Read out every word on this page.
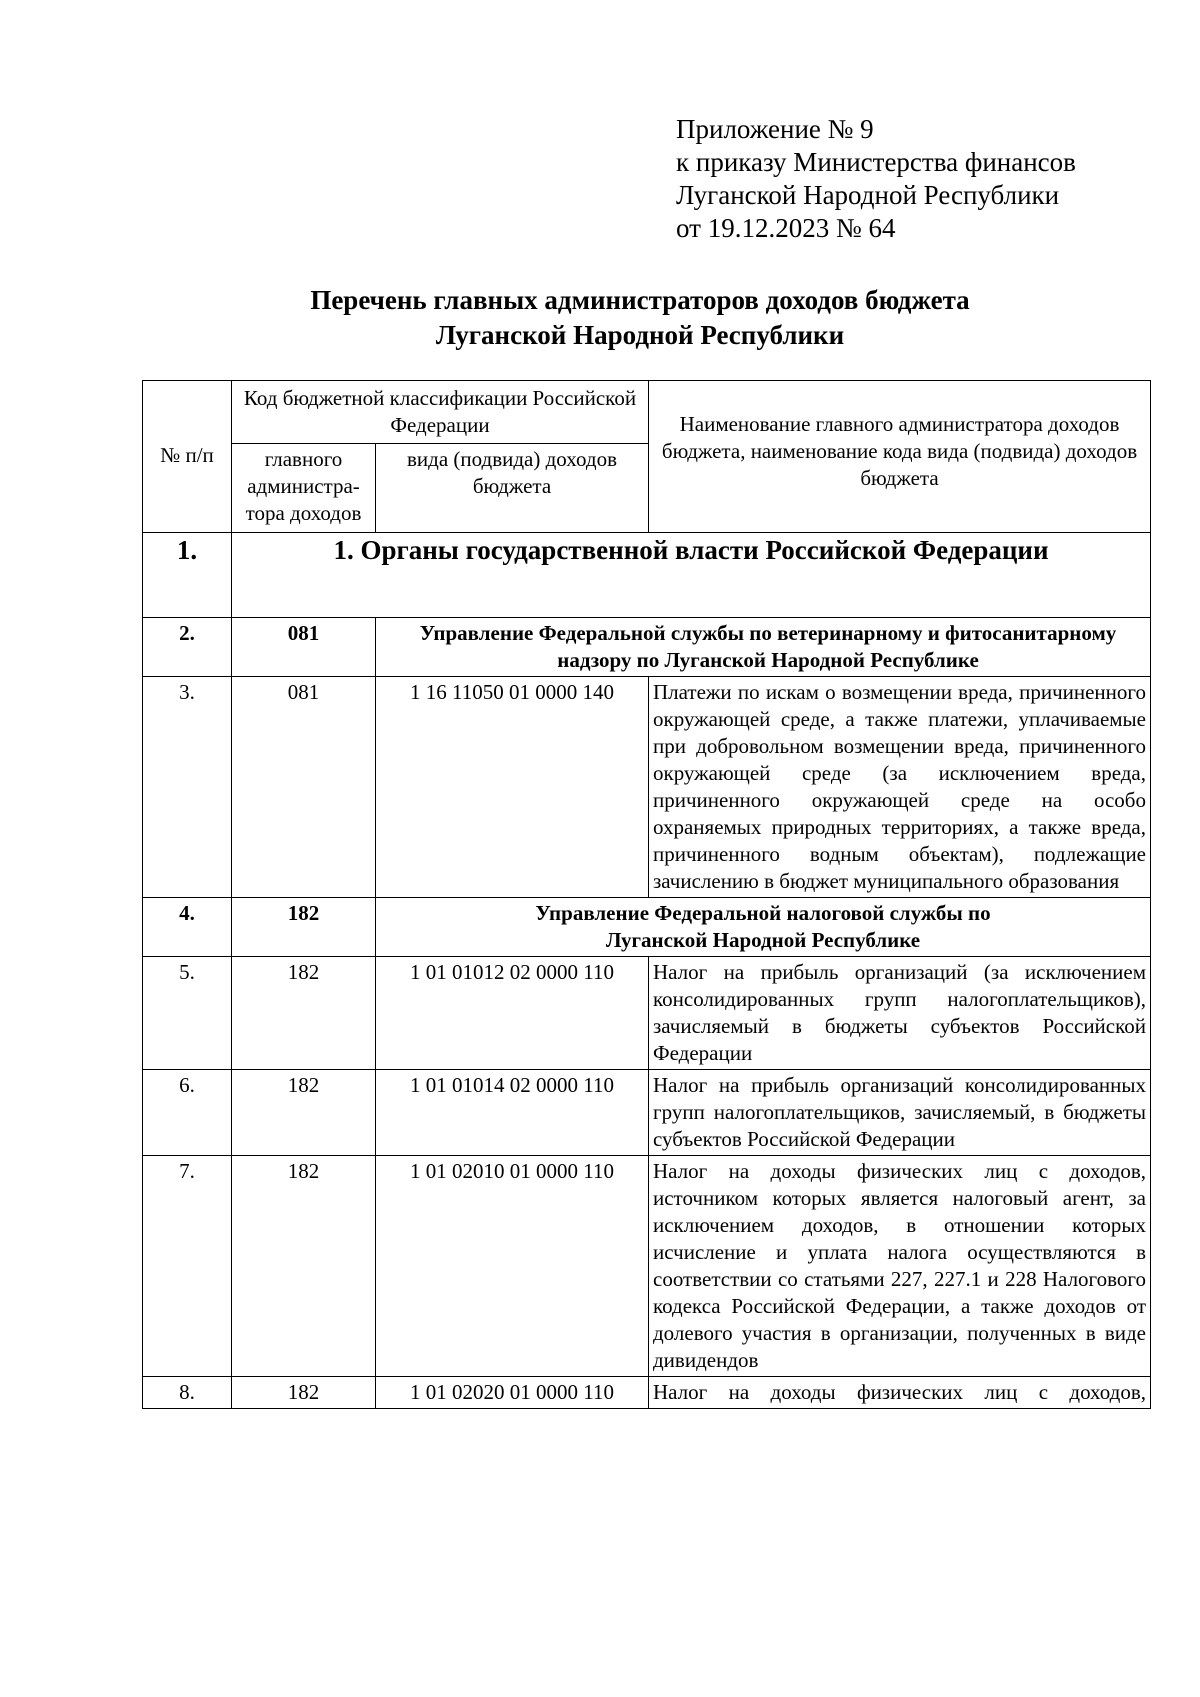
Приложение № 9
к приказу Министерства финансов
Луганской Народной Республики
от 19.12.2023 № 64
Перечень главных администраторов доходов бюджета
Луганской Народной Республики
№ п/п	Код бюджетной классификации Российской Федерации		Наименование главного администратора доходов бюджета, наименование кода вида (подвида) доходов бюджета
	главного администра-тора доходов	вида (подвида) доходов бюджета	
1.	1. Органы государственной власти Российской Федерации		
2.	081	Управление Федеральной службы по ветеринарному и фитосанитарному надзору по Луганской Народной Республике	
3.	081	1 16 11050 01 0000 140	Платежи по искам о возмещении вреда, причиненного окружающей среде, а также платежи, уплачиваемые при добровольном возмещении вреда, причиненного окружающей среде (за исключением вреда, причиненного окружающей среде на особо охраняемых природных территориях, а также вреда, причиненного водным объектам), подлежащие зачислению в бюджет муниципального образования
4.	182	Управление Федеральной налоговой службы по Луганской Народной Республике	
5.	182	1 01 01012 02 0000 110	Налог на прибыль организаций (за исключением консолидированных групп налогоплательщиков), зачисляемый в бюджеты субъектов Российской Федерации
6.	182	1 01 01014 02 0000 110	Налог на прибыль организаций консолидированных групп налогоплательщиков, зачисляемый, в бюджеты субъектов Российской Федерации
7.	182	1 01 02010 01 0000 110	Налог на доходы физических лиц с доходов, источником которых является налоговый агент, за исключением доходов, в отношении которых исчисление и уплата налога осуществляются в соответствии со статьями 227, 227.1 и 228 Налогового кодекса Российской Федерации, а также доходов от долевого участия в организации, полученных в виде дивидендов
8.	182	1 01 02020 01 0000 110	Налог на доходы физических лиц с доходов,
